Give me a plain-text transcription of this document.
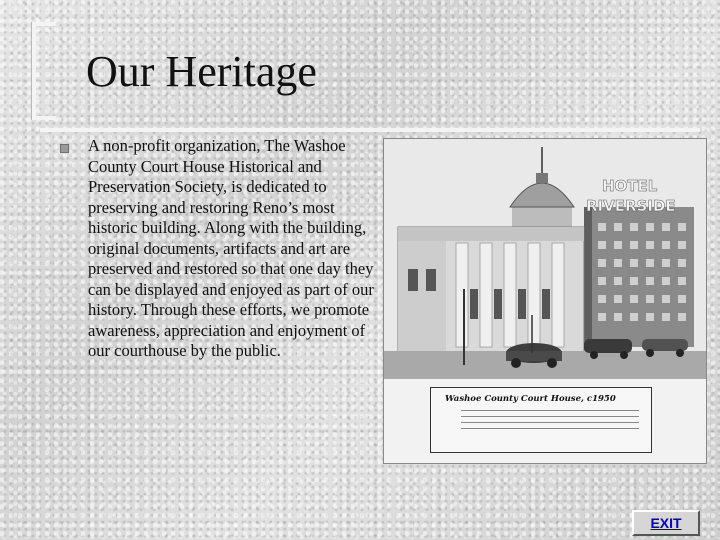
Our Heritage

A non-profit organization, The Washoe County Court House Historical and Preservation Society, is dedicated to preserving and restoring Reno’s most historic building. Along with the building, original documents, artifacts and art are preserved and restored so that one day they can be displayed and enjoyed as part of our history. Through these efforts, we promote awareness, appreciation and enjoyment of our courthouse by the public.

HOTEL
RIVERSIDE
Washoe County Court House, c1950
EXIT
